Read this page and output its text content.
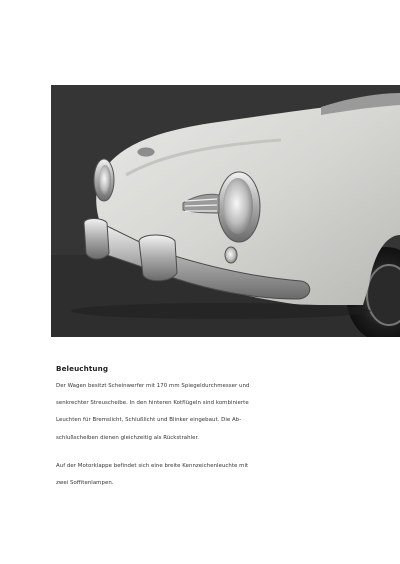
Beleuchtung
Der Wagen besitzt Scheinwerfer mit 170 mm Spiegeldurchmesser und
senkrechter Streuscheibe. In den hinteren Kotflügeln sind kombinierte
Leuchten für Bremslicht, Schlußlicht und Blinker eingebaut. Die Ab-
schlußscheiben dienen gleichzeitig als Rückstrahler.
Auf der Motorklappe befindet sich eine breite Kennzeichenleuchte mit
zwei Soffitenlampen.
